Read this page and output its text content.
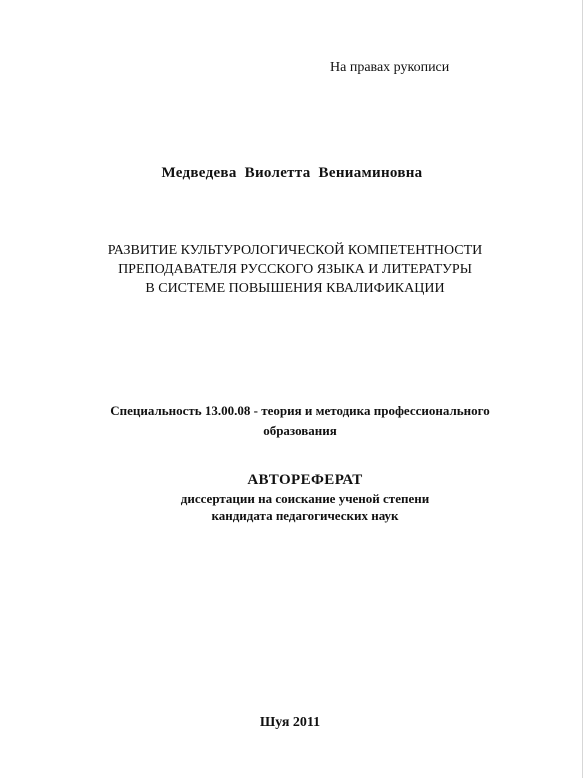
На правах рукописи
Медведева Виолетта Вениаминовна
РАЗВИТИЕ КУЛЬТУРОЛОГИЧЕСКОЙ КОМПЕТЕНТНОСТИ
ПРЕПОДАВАТЕЛЯ РУССКОГО ЯЗЫКА И ЛИТЕРАТУРЫ
В СИСТЕМЕ ПОВЫШЕНИЯ КВАЛИФИКАЦИИ
Специальность 13.00.08 - теория и методика профессионального
образования
АВТОРЕФЕРАТ
диссертации на соискание ученой степени
кандидата педагогических наук
Шуя 2011
